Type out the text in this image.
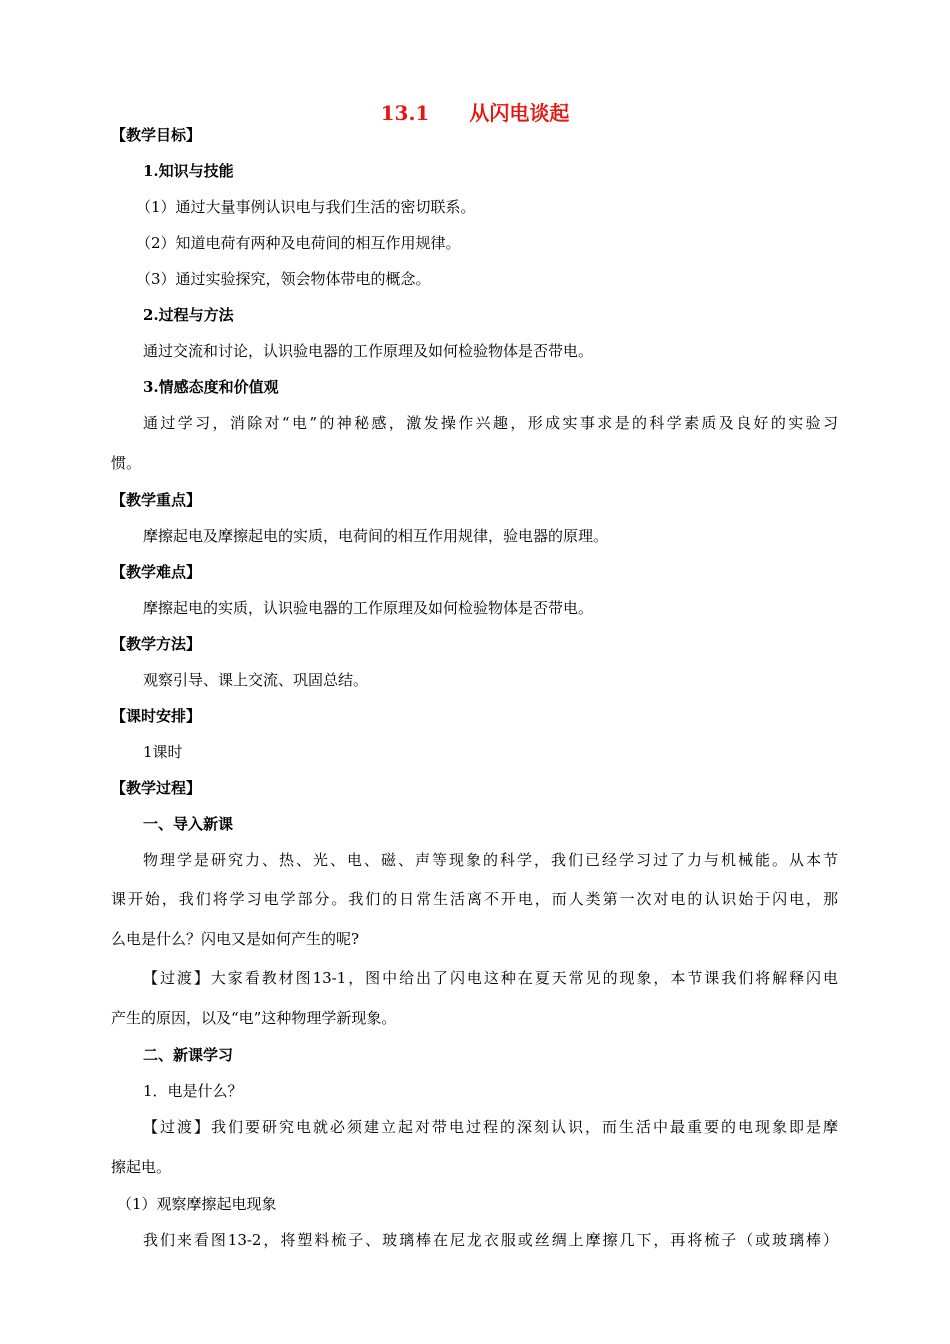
13.1　　从闪电谈起
【教学目标】
1.知识与技能
（1）通过大量事例认识电与我们生活的密切联系。
（2）知道电荷有两种及电荷间的相互作用规律。
（3）通过实验探究，领会物体带电的概念。
2.过程与方法
通过交流和讨论，认识验电器的工作原理及如何检验物体是否带电。
3.情感态度和价值观
通过学习，消除对“电”的神秘感，激发操作兴趣，形成实事求是的科学素质及良好的实验习
惯。
【教学重点】
摩擦起电及摩擦起电的实质，电荷间的相互作用规律，验电器的原理。
【教学难点】
摩擦起电的实质，认识验电器的工作原理及如何检验物体是否带电。
【教学方法】
观察引导、课上交流、巩固总结。
【课时安排】
1课时
【教学过程】
一、导入新课
物理学是研究力、热、光、电、磁、声等现象的科学，我们已经学习过了力与机械能。从本节
课开始，我们将学习电学部分。我们的日常生活离不开电，而人类第一次对电的认识始于闪电，那
么电是什么？闪电又是如何产生的呢?
【过渡】大家看教材图13-1，图中给出了闪电这种在夏天常见的现象，本节课我们将解释闪电
产生的原因，以及“电”这种物理学新现象。
二、新课学习
1．电是什么？
【过渡】我们要研究电就必须建立起对带电过程的深刻认识，而生活中最重要的电现象即是摩
擦起电。
（1）观察摩擦起电现象
我们来看图13-2，将塑料梳子、玻璃棒在尼龙衣服或丝绸上摩擦几下，再将梳子（或玻璃棒）
